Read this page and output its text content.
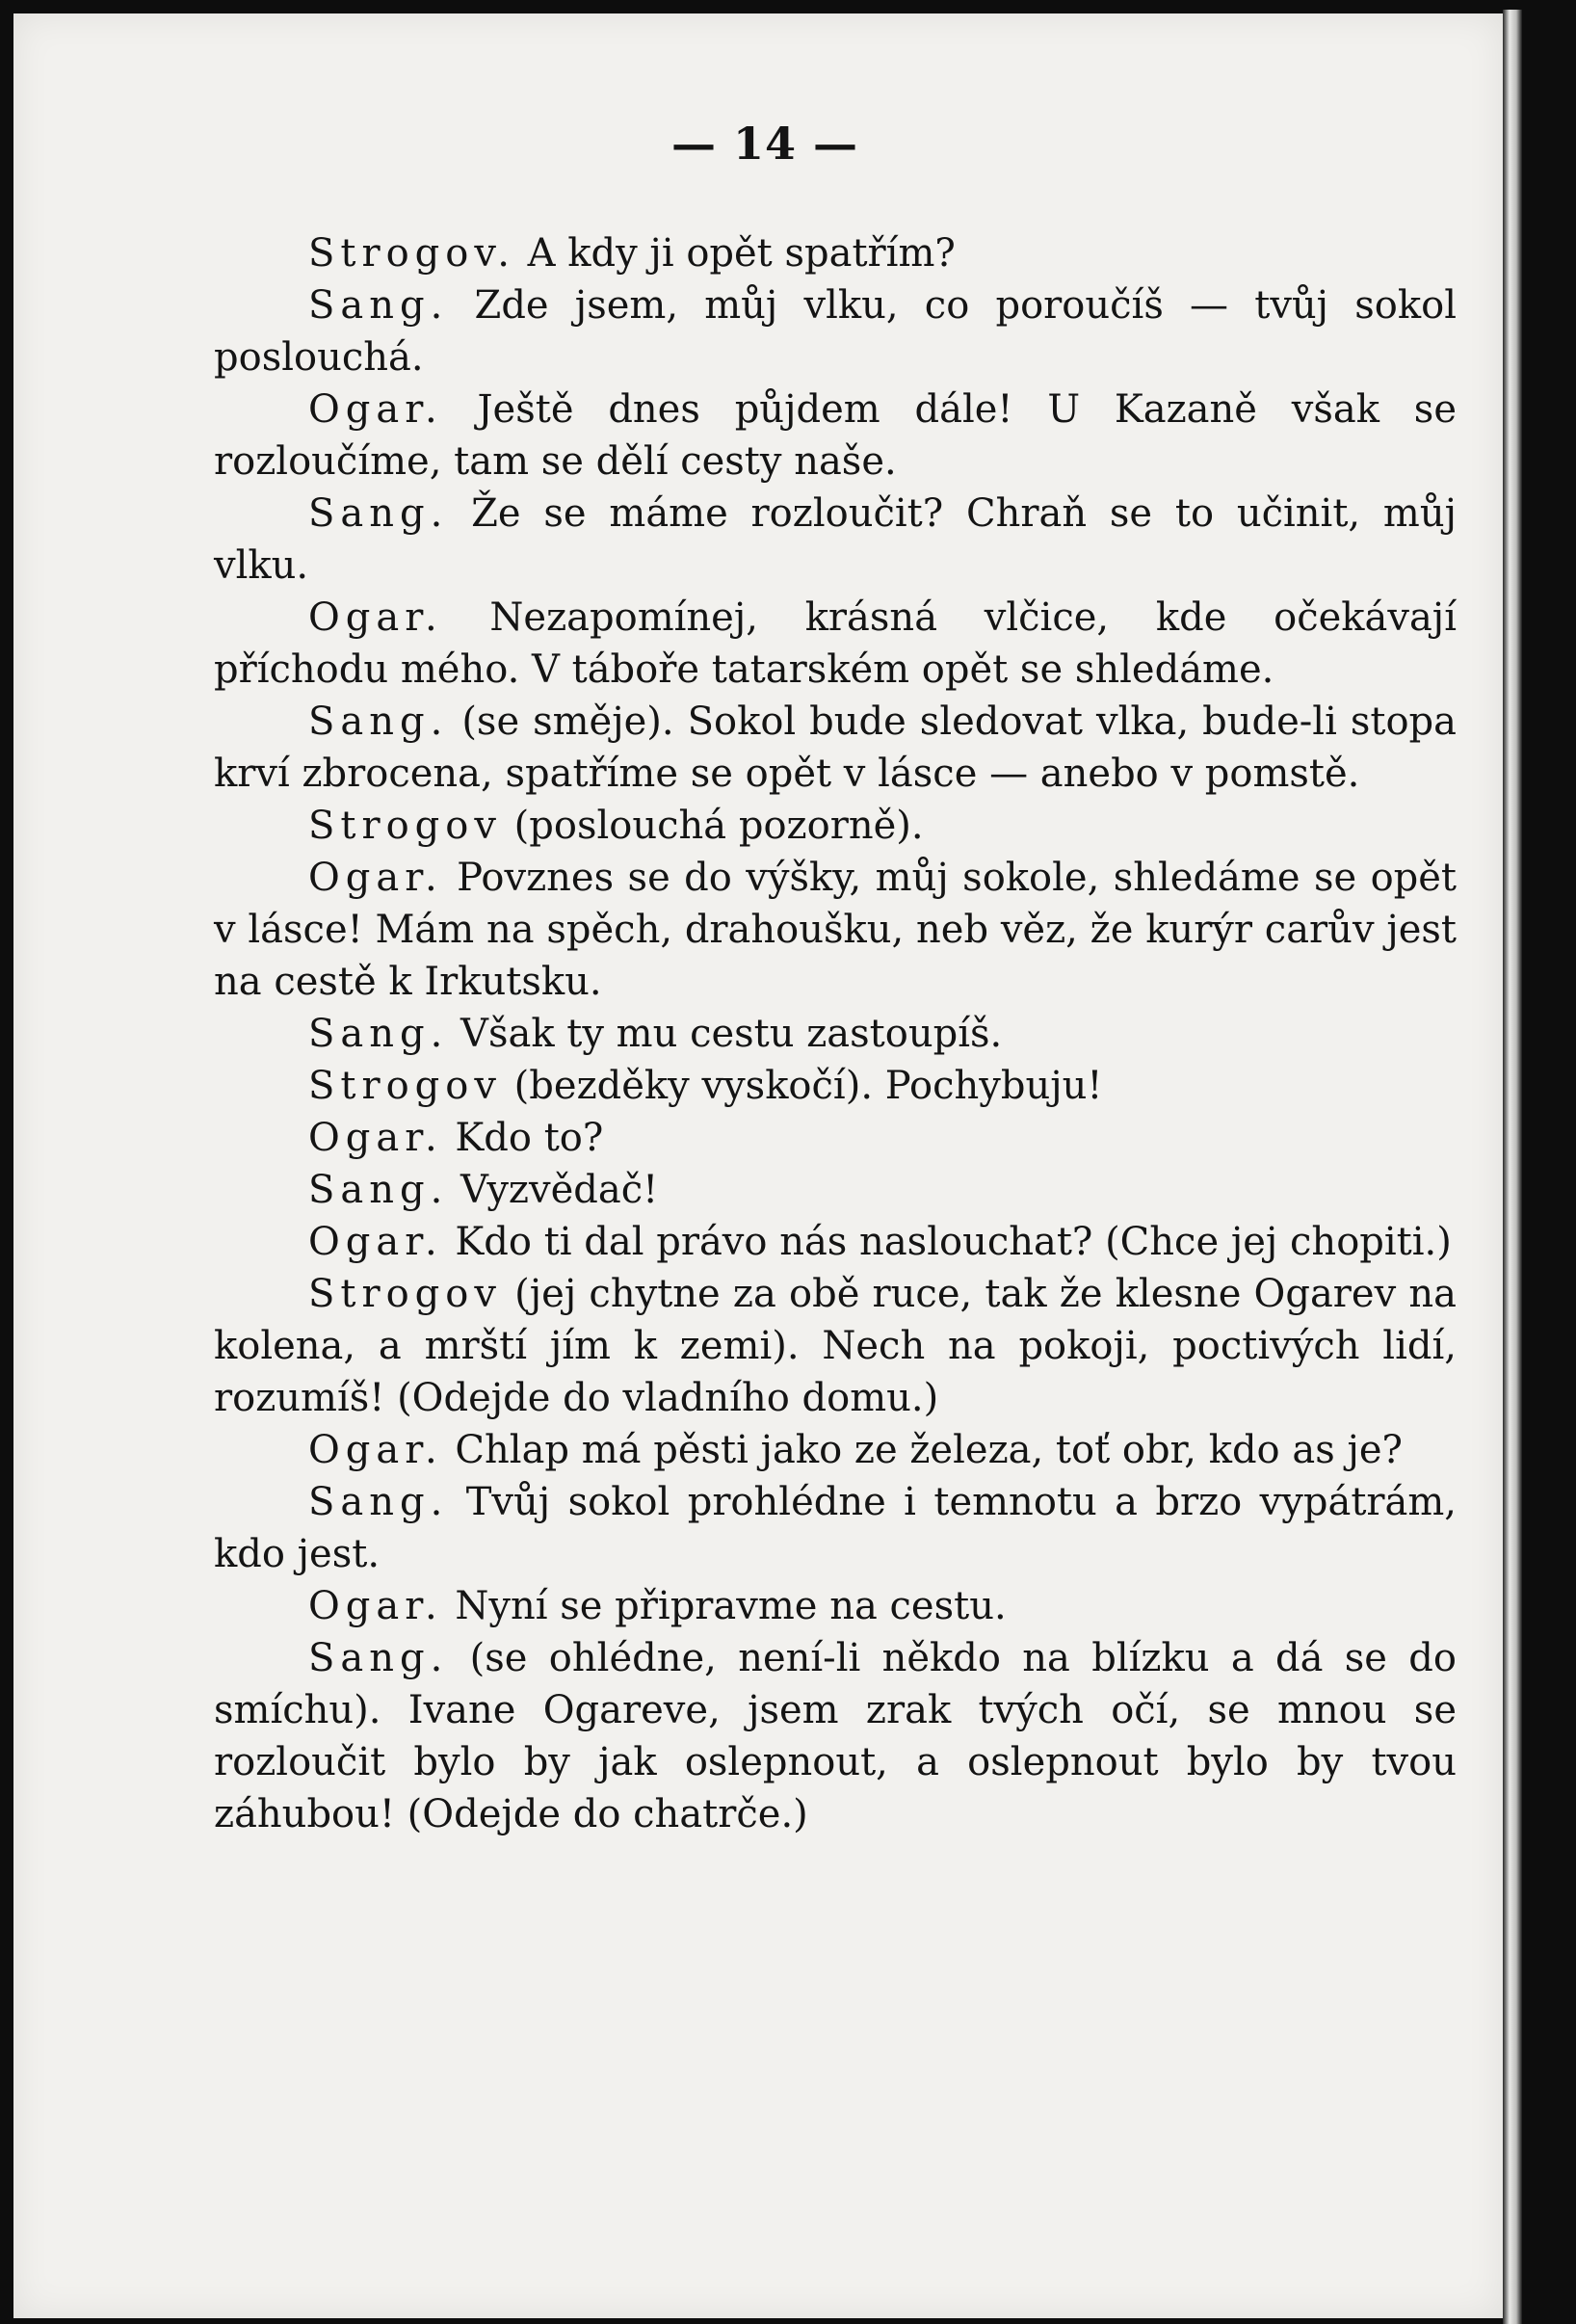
— 14 —

Strogov. A kdy ji opět spatřím?

Sang. Zde jsem, můj vlku, co poroučíš — tvůj sokol poslouchá.

Ogar. Ještě dnes půjdem dále! U Kazaně však se rozloučíme, tam se dělí cesty naše.

Sang. Že se máme rozloučit? Chraň se to učinit, můj vlku.

Ogar. Nezapomínej, krásná vlčice, kde očekávají příchodu mého. V táboře tatarském opět se shledáme.

Sang. (se směje). Sokol bude sledovat vlka, bude-li stopa krví zbrocena, spatříme se opět v lásce — anebo v pomstě.

Strogov (poslouchá pozorně).

Ogar. Povznes se do výšky, můj sokole, shledáme se opět v lásce! Mám na spěch, drahoušku, neb věz, že kurýr carův jest na cestě k Irkutsku.

Sang. Však ty mu cestu zastoupíš.

Strogov (bezděky vyskočí). Pochybuju!

Ogar. Kdo to?

Sang. Vyzvědač!

Ogar. Kdo ti dal právo nás naslouchat? (Chce jej chopiti.)

Strogov (jej chytne za obě ruce, tak že klesne Ogarev na kolena, a mrští jím k zemi). Nech na pokoji, poctivých lidí, rozumíš! (Odejde do vladního domu.)

Ogar. Chlap má pěsti jako ze železa, toť obr, kdo as je?

Sang. Tvůj sokol prohlédne i temnotu a brzo vypátrám, kdo jest.

Ogar. Nyní se připravme na cestu.

Sang. (se ohlédne, není-li někdo na blízku a dá se do smíchu). Ivane Ogareve, jsem zrak tvých očí, se mnou se rozloučit bylo by jak oslepnout, a oslepnout bylo by tvou záhubou! (Odejde do chatrče.)
